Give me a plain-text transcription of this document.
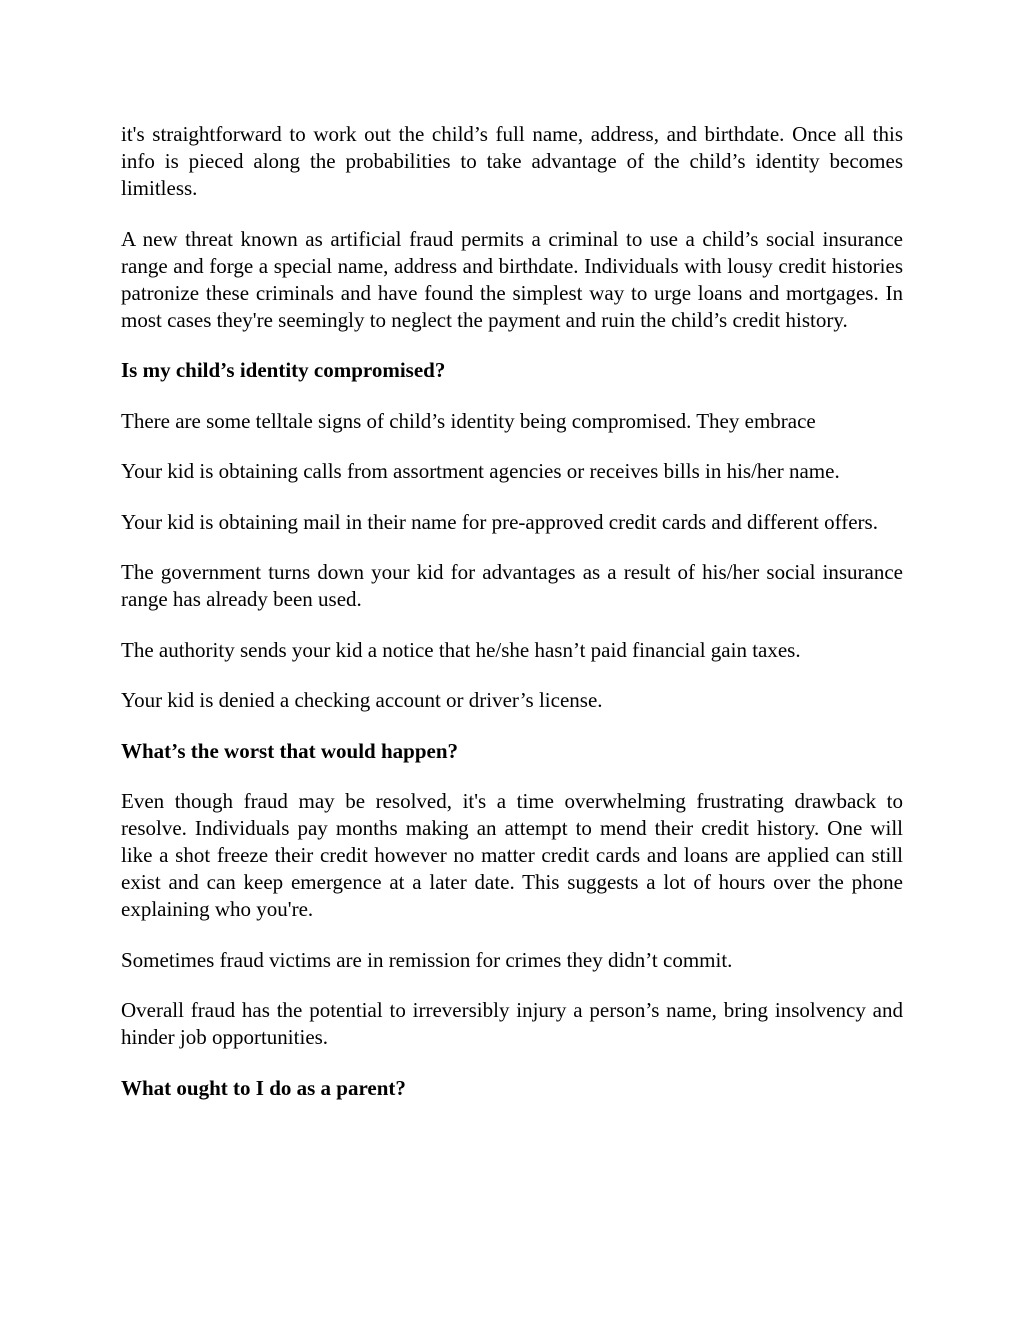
it's straightforward to work out the child’s full name, address, and birthdate. Once all this info is pieced along the probabilities to take advantage of the child’s identity becomes limitless.

A new threat known as artificial fraud permits a criminal to use a child’s social insurance range and forge a special name, address and birthdate. Individuals with lousy credit histories patronize these criminals and have found the simplest way to urge loans and mortgages. In most cases they're seemingly to neglect the payment and ruin the child’s credit history.

Is my child’s identity compromised?

There are some telltale signs of child’s identity being compromised. They embrace

Your kid is obtaining calls from assortment agencies or receives bills in his/her name.

Your kid is obtaining mail in their name for pre-approved credit cards and different offers.

The government turns down your kid for advantages as a result of his/her social insurance range has already been used.

The authority sends your kid a notice that he/she hasn’t paid financial gain taxes.

Your kid is denied a checking account or driver’s license.

What’s the worst that would happen?

Even though fraud may be resolved, it's a time overwhelming frustrating drawback to resolve. Individuals pay months making an attempt to mend their credit history. One will like a shot freeze their credit however no matter credit cards and loans are applied can still exist and can keep emergence at a later date. This suggests a lot of hours over the phone explaining who you're.

Sometimes fraud victims are in remission for crimes they didn’t commit.

Overall fraud has the potential to irreversibly injury a person’s name, bring insolvency and hinder job opportunities.

What ought to I do as a parent?
